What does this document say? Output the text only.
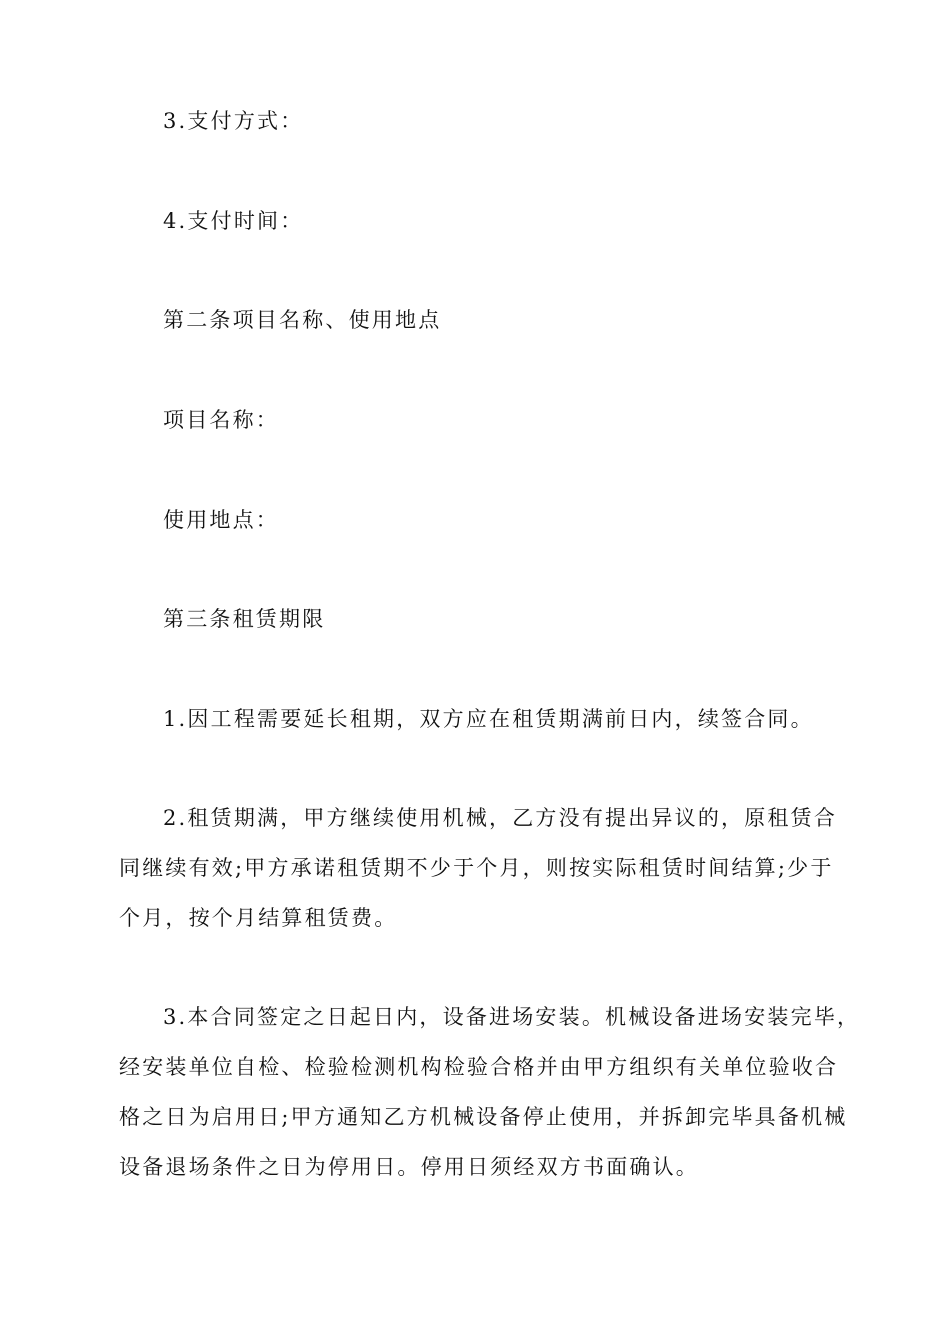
3.支付方式：
4.支付时间：
第二条项目名称、使用地点
项目名称：
使用地点：
第三条租赁期限
1.因工程需要延长租期，双方应在租赁期满前日内，续签合同。
2.租赁期满，甲方继续使用机械，乙方没有提出异议的，原租赁合
同继续有效;甲方承诺租赁期不少于个月，则按实际租赁时间结算;少于
个月，按个月结算租赁费。
3.本合同签定之日起日内，设备进场安装。机械设备进场安装完毕，
经安装单位自检、检验检测机构检验合格并由甲方组织有关单位验收合
格之日为启用日;甲方通知乙方机械设备停止使用，并拆卸完毕具备机械
设备退场条件之日为停用日。停用日须经双方书面确认。
